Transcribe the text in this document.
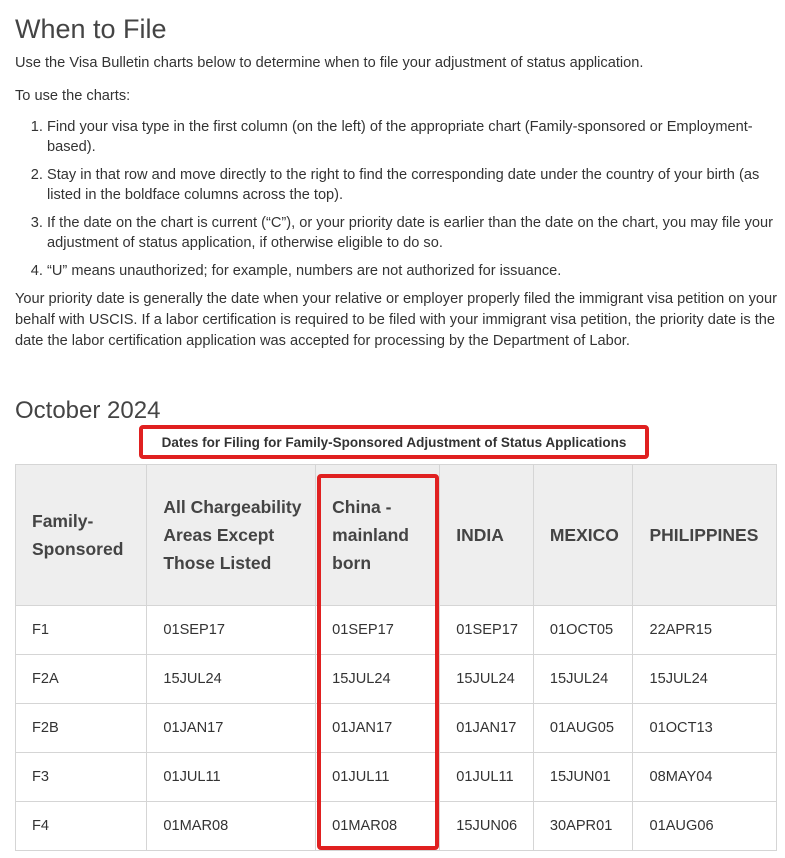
When to File

Use the Visa Bulletin charts below to determine when to file your adjustment of status application.

To use the charts:

1. Find your visa type in the first column (on the left) of the appropriate chart (Family-sponsored or Employment-based).
2. Stay in that row and move directly to the right to find the corresponding date under the country of your birth (as listed in the boldface columns across the top).
3. If the date on the chart is current (“C”), or your priority date is earlier than the date on the chart, you may file your adjustment of status application, if otherwise eligible to do so.
4. “U” means unauthorized; for example, numbers are not authorized for issuance.

Your priority date is generally the date when your relative or employer properly filed the immigrant visa petition on your behalf with USCIS. If a labor certification is required to be filed with your immigrant visa petition, the priority date is the date the labor certification application was accepted for processing by the Department of Labor.

October 2024
Dates for Filing for Family-Sponsored Adjustment of Status Applications
Family-Sponsored	All Chargeability Areas Except Those Listed	China - mainland born	INDIA	MEXICO	PHILIPPINES
F1	01SEP17	01SEP17	01SEP17	01OCT05	22APR15
F2A	15JUL24	15JUL24	15JUL24	15JUL24	15JUL24
F2B	01JAN17	01JAN17	01JAN17	01AUG05	01OCT13
F3	01JUL11	01JUL11	01JUL11	15JUN01	08MAY04
F4	01MAR08	01MAR08	15JUN06	30APR01	01AUG06
